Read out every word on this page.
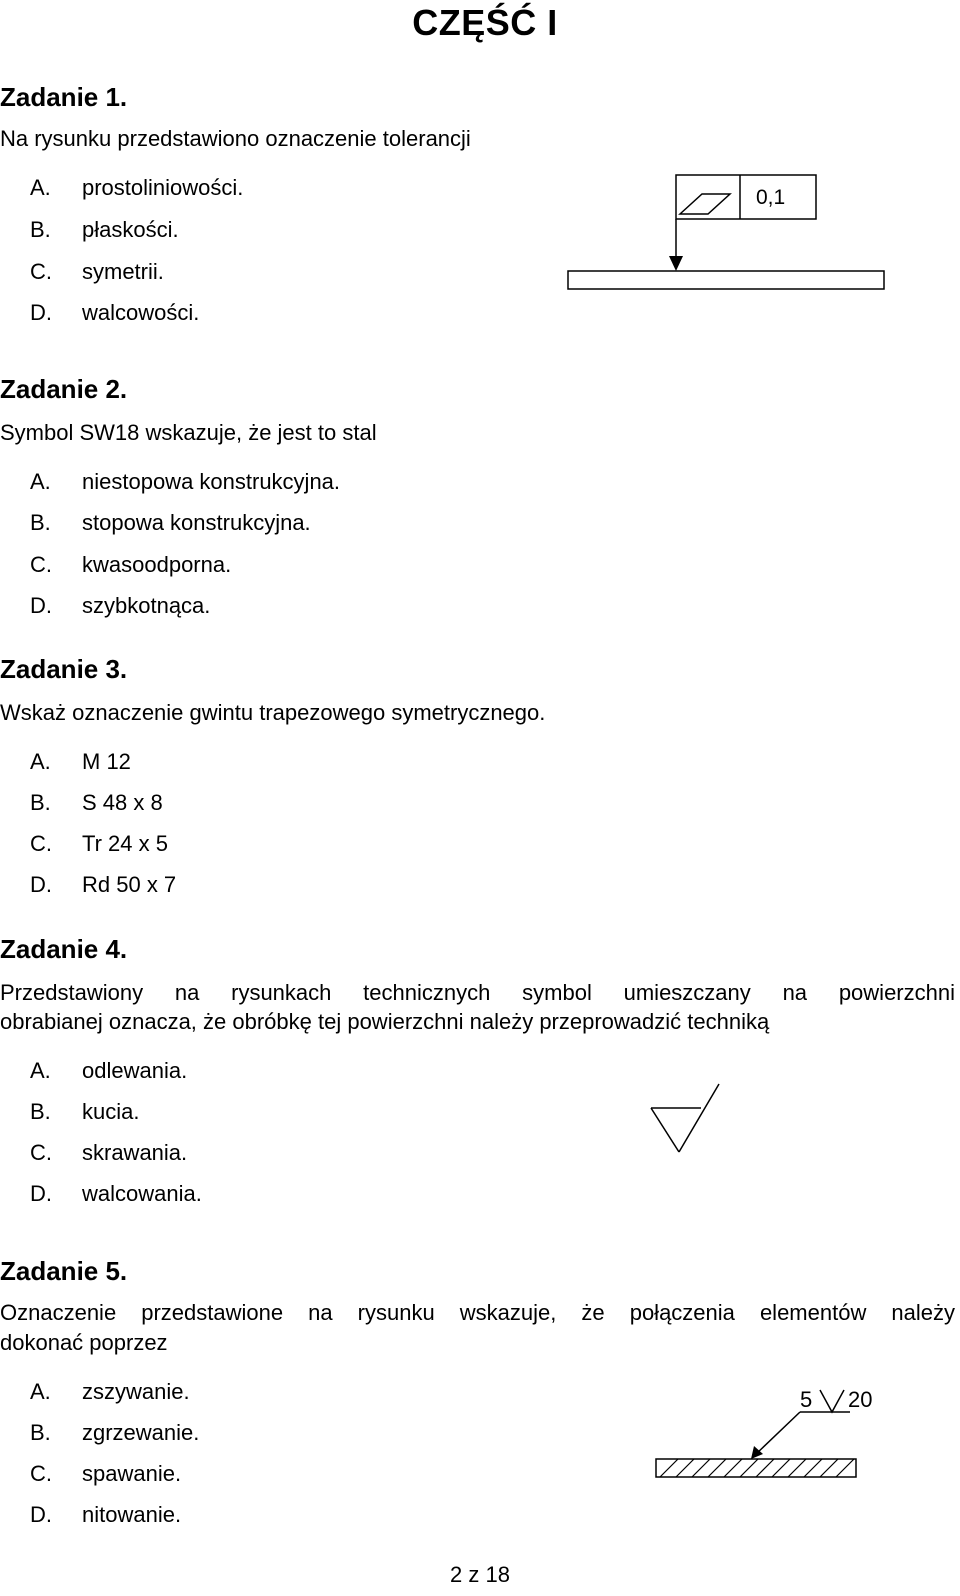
CZĘŚĆ I
Zadanie 1.
Na rysunku przedstawiono oznaczenie tolerancji
A. prostoliniowości.
B. płaskości.
C. symetrii.
D. walcowości.
0,1
Zadanie 2.
Symbol SW18 wskazuje, że jest to stal
A. niestopowa konstrukcyjna.
B. stopowa konstrukcyjna.
C. kwasoodporna.
D. szybkotnąca.
Zadanie 3.
Wskaż oznaczenie gwintu trapezowego symetrycznego.
A. M 12
B. S 48 x 8
C. Tr 24 x 5
D. Rd 50 x 7
Zadanie 4.
Przedstawiony na rysunkach technicznych symbol umieszczany na powierzchni
obrabianej oznacza, że obróbkę tej powierzchni należy przeprowadzić techniką
A. odlewania.
B. kucia.
C. skrawania.
D. walcowania.
Zadanie 5.
Oznaczenie przedstawione na rysunku wskazuje, że połączenia elementów należy
dokonać poprzez
A. zszywanie.
B. zgrzewanie.
C. spawanie.
D. nitowanie.
5 20
2 z 18
